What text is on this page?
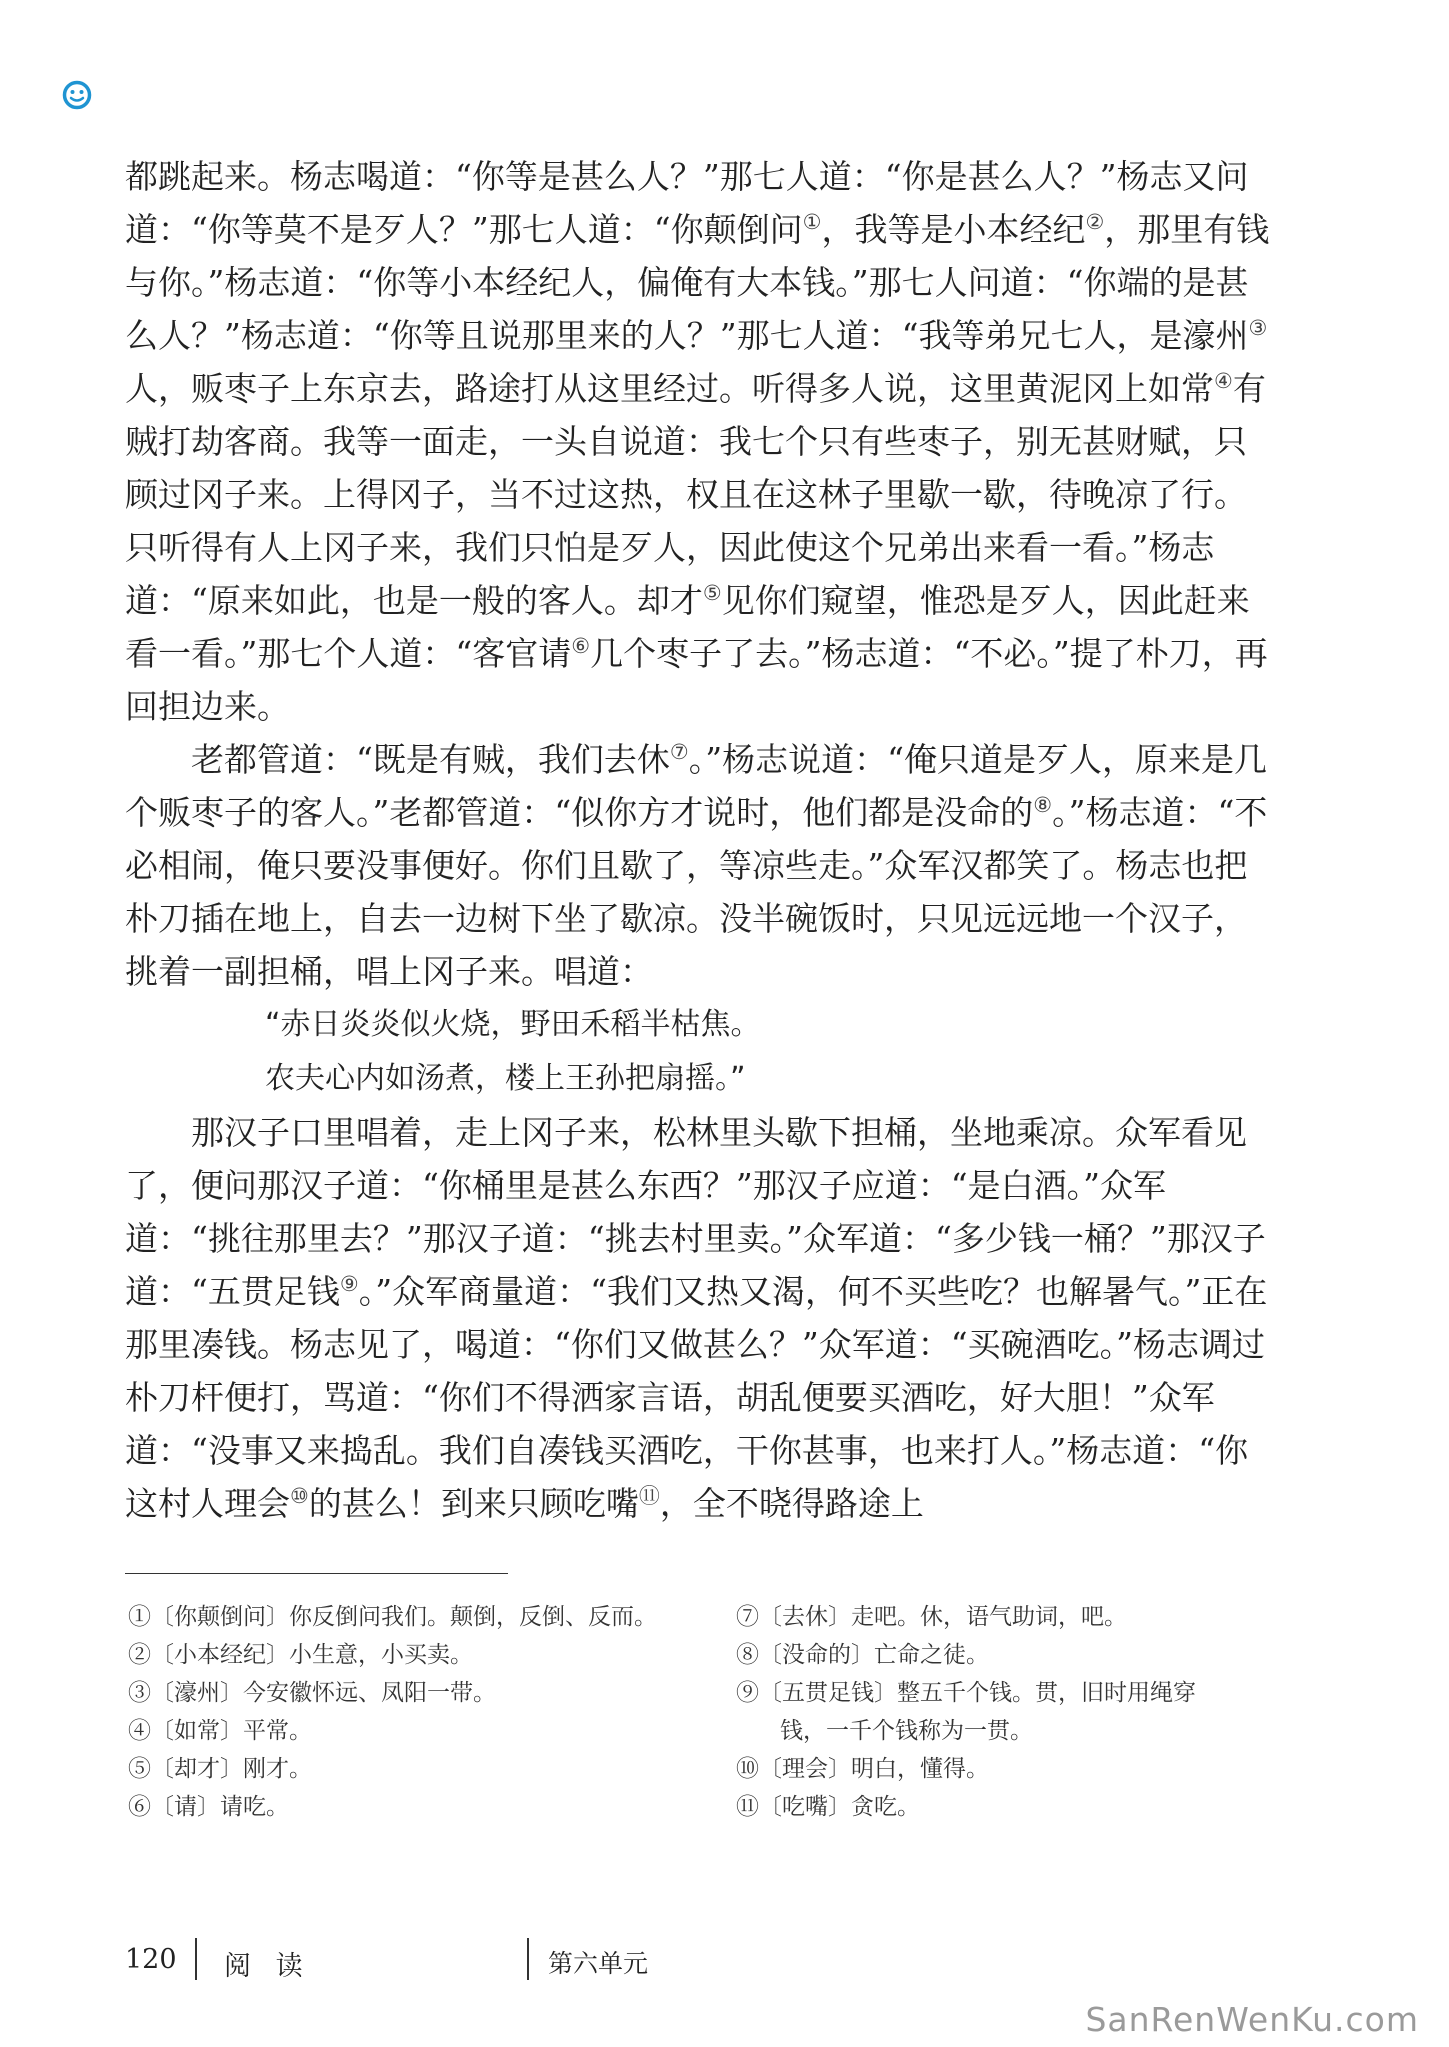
都跳起来。杨志喝道：“你等是甚么人？”那七人道：“你是甚么人？”杨志又问道：“你等莫不是歹人？”那七人道：“你颠倒问①，我等是小本经纪②，那里有钱与你。”杨志道：“你等小本经纪人，偏俺有大本钱。”那七人问道：“你端的是甚么人？”杨志道：“你等且说那里来的人？”那七人道：“我等弟兄七人，是濠州③人，贩枣子上东京去，路途打从这里经过。听得多人说，这里黄泥冈上如常④有贼打劫客商。我等一面走，一头自说道：我七个只有些枣子，别无甚财赋，只顾过冈子来。上得冈子，当不过这热，权且在这林子里歇一歇，待晚凉了行。只听得有人上冈子来，我们只怕是歹人，因此使这个兄弟出来看一看。”杨志道：“原来如此，也是一般的客人。却才⑤见你们窥望，惟恐是歹人，因此赶来看一看。”那七个人道：“客官请⑥几个枣子了去。”杨志道：“不必。”提了朴刀，再回担边来。

老都管道：“既是有贼，我们去休⑦。”杨志说道：“俺只道是歹人，原来是几个贩枣子的客人。”老都管道：“似你方才说时，他们都是没命的⑧。”杨志道：“不必相闹，俺只要没事便好。你们且歇了，等凉些走。”众军汉都笑了。杨志也把朴刀插在地上，自去一边树下坐了歇凉。没半碗饭时，只见远远地一个汉子，挑着一副担桶，唱上冈子来。唱道：

“赤日炎炎似火烧，野田禾稻半枯焦。
农夫心内如汤煮，楼上王孙把扇摇。”

那汉子口里唱着，走上冈子来，松林里头歇下担桶，坐地乘凉。众军看见了，便问那汉子道：“你桶里是甚么东西？”那汉子应道：“是白酒。”众军道：“挑往那里去？”那汉子道：“挑去村里卖。”众军道：“多少钱一桶？”那汉子道：“五贯足钱⑨。”众军商量道：“我们又热又渴，何不买些吃？也解暑气。”正在那里凑钱。杨志见了，喝道：“你们又做甚么？”众军道：“买碗酒吃。”杨志调过朴刀杆便打，骂道：“你们不得洒家言语，胡乱便要买酒吃，好大胆！”众军道：“没事又来捣乱。我们自凑钱买酒吃，干你甚事，也来打人。”杨志道：“你这村人理会⑩的甚么！到来只顾吃嘴⑪，全不晓得路途上

①〔你颠倒问〕你反倒问我们。颠倒，反倒、反而。
②〔小本经纪〕小生意，小买卖。
③〔濠州〕今安徽怀远、凤阳一带。
④〔如常〕平常。
⑤〔却才〕刚才。
⑥〔请〕请吃。
⑦〔去休〕走吧。休，语气助词，吧。
⑧〔没命的〕亡命之徒。
⑨〔五贯足钱〕整五千个钱。贯，旧时用绳穿
钱，一千个钱称为一贯。
⑩〔理会〕明白，懂得。
⑪〔吃嘴〕贪吃。
120 阅 读	第六单元
SanRenWenKu.com
